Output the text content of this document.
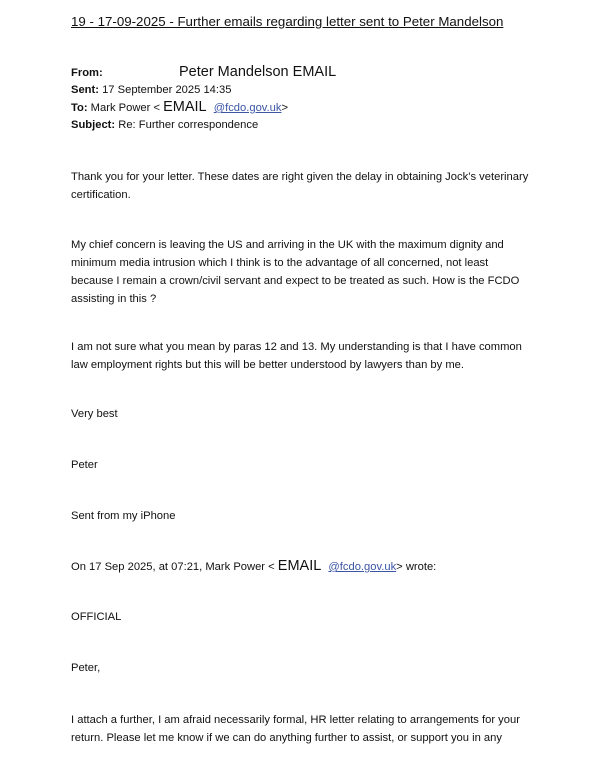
19 - 17-09-2025 - Further emails regarding letter sent to Peter Mandelson
From:	Peter Mandelson EMAIL
Sent: 17 September 2025 14:35
To: Mark Power < EMAIL @fcdo.gov.uk>
Subject: Re: Further correspondence

Thank you for your letter. These dates are right given the delay in obtaining Jock’s veterinary certification.

My chief concern is leaving the US and arriving in the UK with the maximum dignity and minimum media intrusion which I think is to the advantage of all concerned, not least because I remain a crown/civil servant and expect to be treated as such. How is the FCDO assisting in this ?

I am not sure what you mean by paras 12 and 13. My understanding is that I have common law employment rights but this will be better understood by lawyers than by me.

Very best
Peter
Sent from my iPhone
On 17 Sep 2025, at 07:21, Mark Power < EMAIL @fcdo.gov.uk> wrote:
OFFICIAL
Peter,

I attach a further, I am afraid necessarily formal, HR letter relating to arrangements for your return. Please let me know if we can do anything further to assist, or support you in any
